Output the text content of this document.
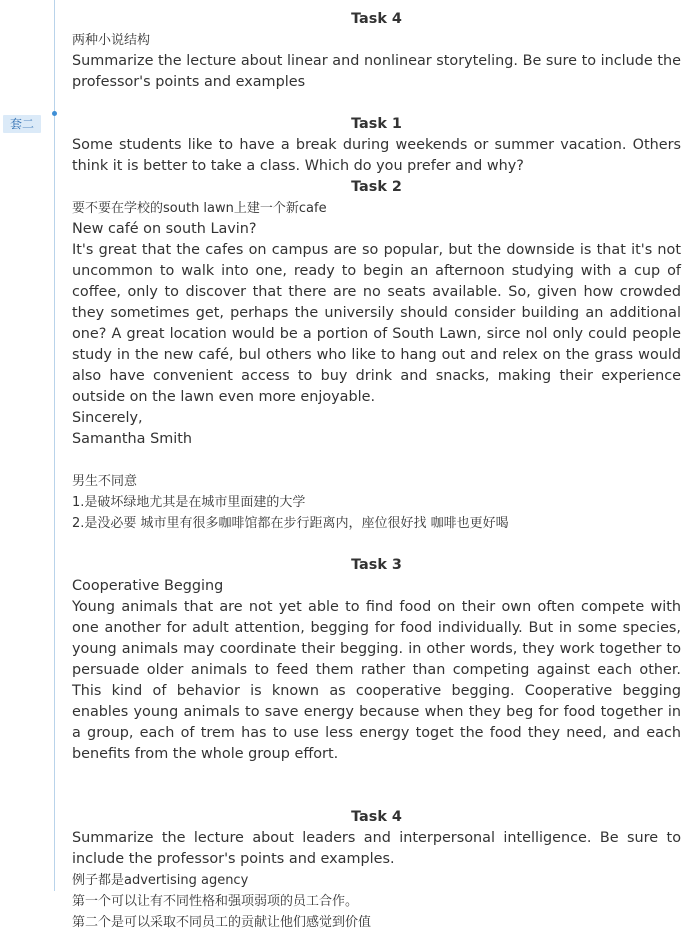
套二
Task 4
两种小说结构
Summarize the lecture about linear and nonlinear storyteling. Be sure to include the professor's points and examples
Task 1
Some students like to have a break during weekends or summer vacation. Others think it is better to take a class. Which do you prefer and why?
Task 2
要不要在学校的south lawn上建一个新cafe
New café on south Lavin?
It's great that the cafes on campus are so popular, but the downside is that it's not uncommon to walk into one, ready to begin an afternoon studying with a cup of coffee, only to discover that there are no seats available. So, given how crowded they sometimes get, perhaps the universily should consider building an additional one? A great location would be a portion of South Lawn, sirce nol only could people study in the new café, bul others who like to hang out and relex on the grass would also have convenient access to buy drink and snacks, making their experience outside on the lawn even more enjoyable.
Sincerely,
Samantha Smith
男生不同意
1.是破坏绿地尤其是在城市里面建的大学
2.是没必要 城市里有很多咖啡馆都在步行距离内，座位很好找 咖啡也更好喝
Task 3
Cooperative Begging
Young animals that are not yet able to find food on their own often compete with one another for adult attention, begging for food individually. But in some species, young animals may coordinate their begging. in other words, they work together to persuade older animals to feed them rather than competing against each other. This kind of behavior is known as cooperative begging. Cooperative begging enables young animals to save energy because when they beg for food together in a group, each of trem has to use less energy toget the food they need, and each benefits from the whole group effort.
Task 4
Summarize the lecture about leaders and interpersonal intelligence. Be sure to include the professor's points and examples.
例子都是advertising agency
第一个可以让有不同性格和强项弱项的员工合作。
第二个是可以采取不同员工的贡献让他们感觉到价值
